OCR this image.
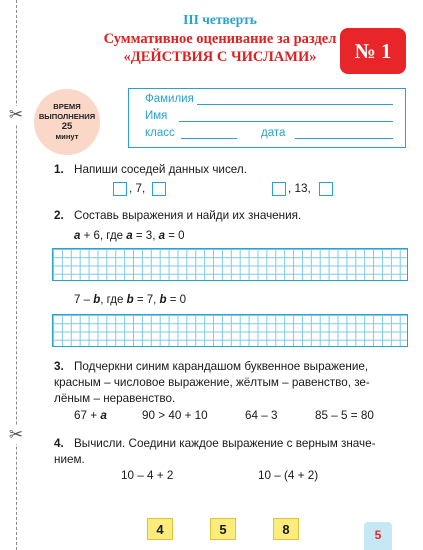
✂
✂
III четверть
Суммативное оценивание за раздел
«ДЕЙСТВИЯ С ЧИСЛАМИ»	№ 1
ВРЕМЯ
ВЫПОЛНЕНИЯ
25
минут
Фамилия
Имя
класс	дата
1. Напиши соседей данных чисел.
, 7,	, 13,
2. Составь выражения и найди их значения.
a + 6, где a = 3, a = 0
7 – b, где b = 7, b = 0
3. Подчеркни синим карандашом буквенное выражение,
красным – числовое выражение, жёлтым – равенство, зе-
лёным – неравенство.
67 + a	90 > 40 + 10	64 – 3	85 – 5 = 80
4. Вычисли. Соедини каждое выражение с верным значе-
нием.
10 – 4 + 2	10 – (4 + 2)
4	5	8	5
